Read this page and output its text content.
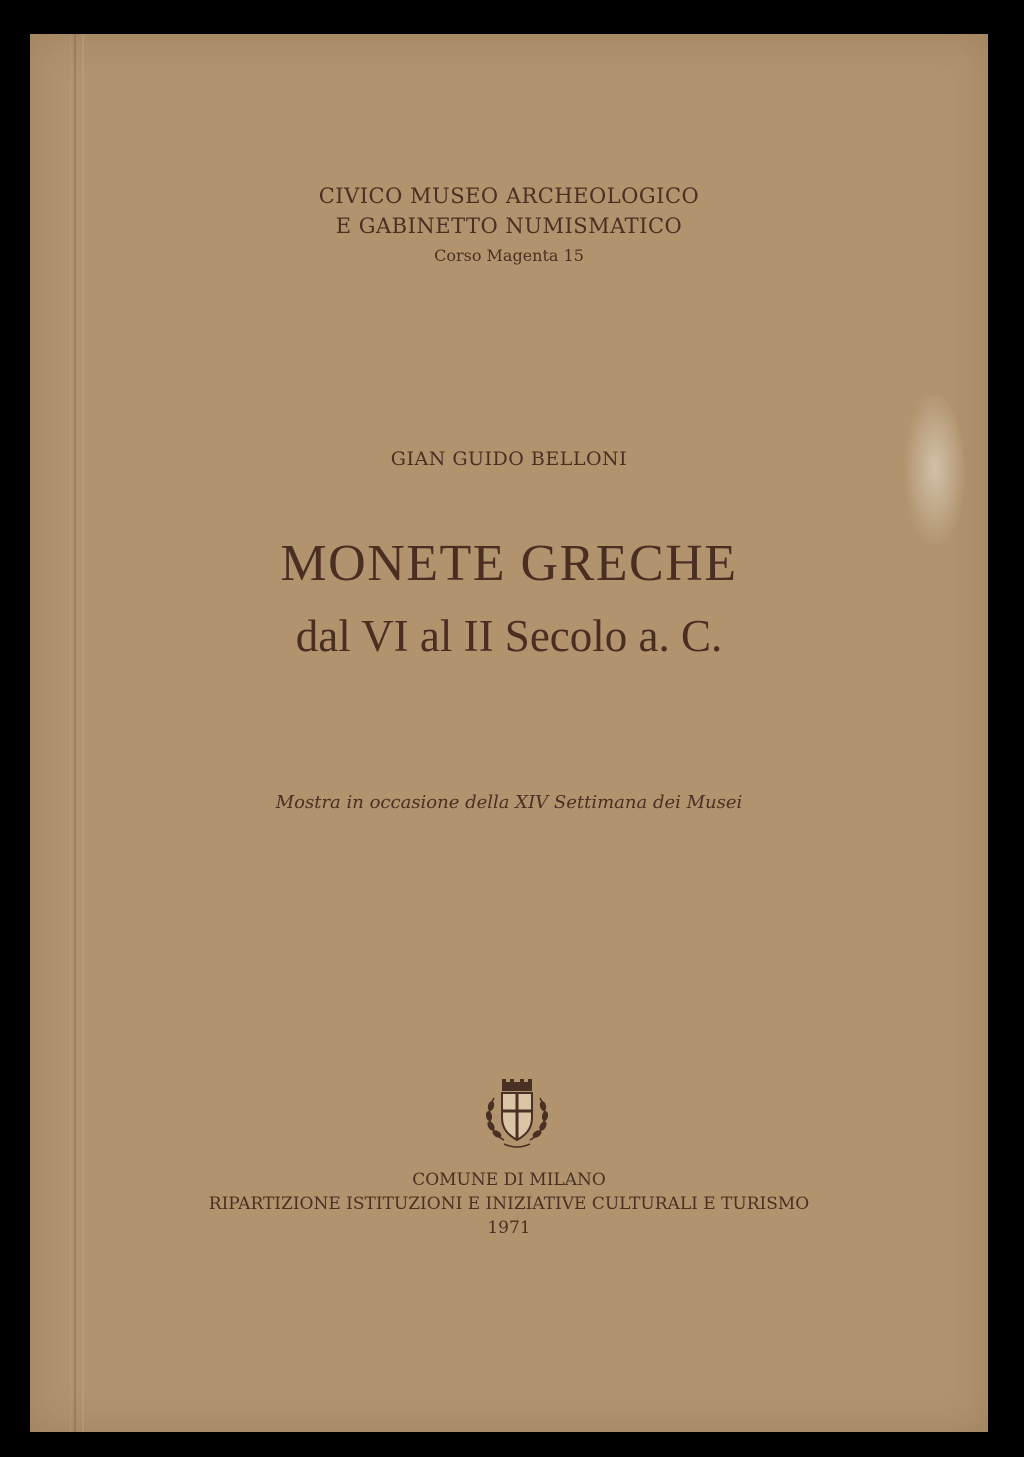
CIVICO MUSEO ARCHEOLOGICO
E GABINETTO NUMISMATICO
Corso Magenta 15
GIAN GUIDO BELLONI
MONETE GRECHE
dal VI al II Secolo a. C.
Mostra in occasione della XIV Settimana dei Musei
COMUNE DI MILANO
RIPARTIZIONE ISTITUZIONI E INIZIATIVE CULTURALI E TURISMO
1971
